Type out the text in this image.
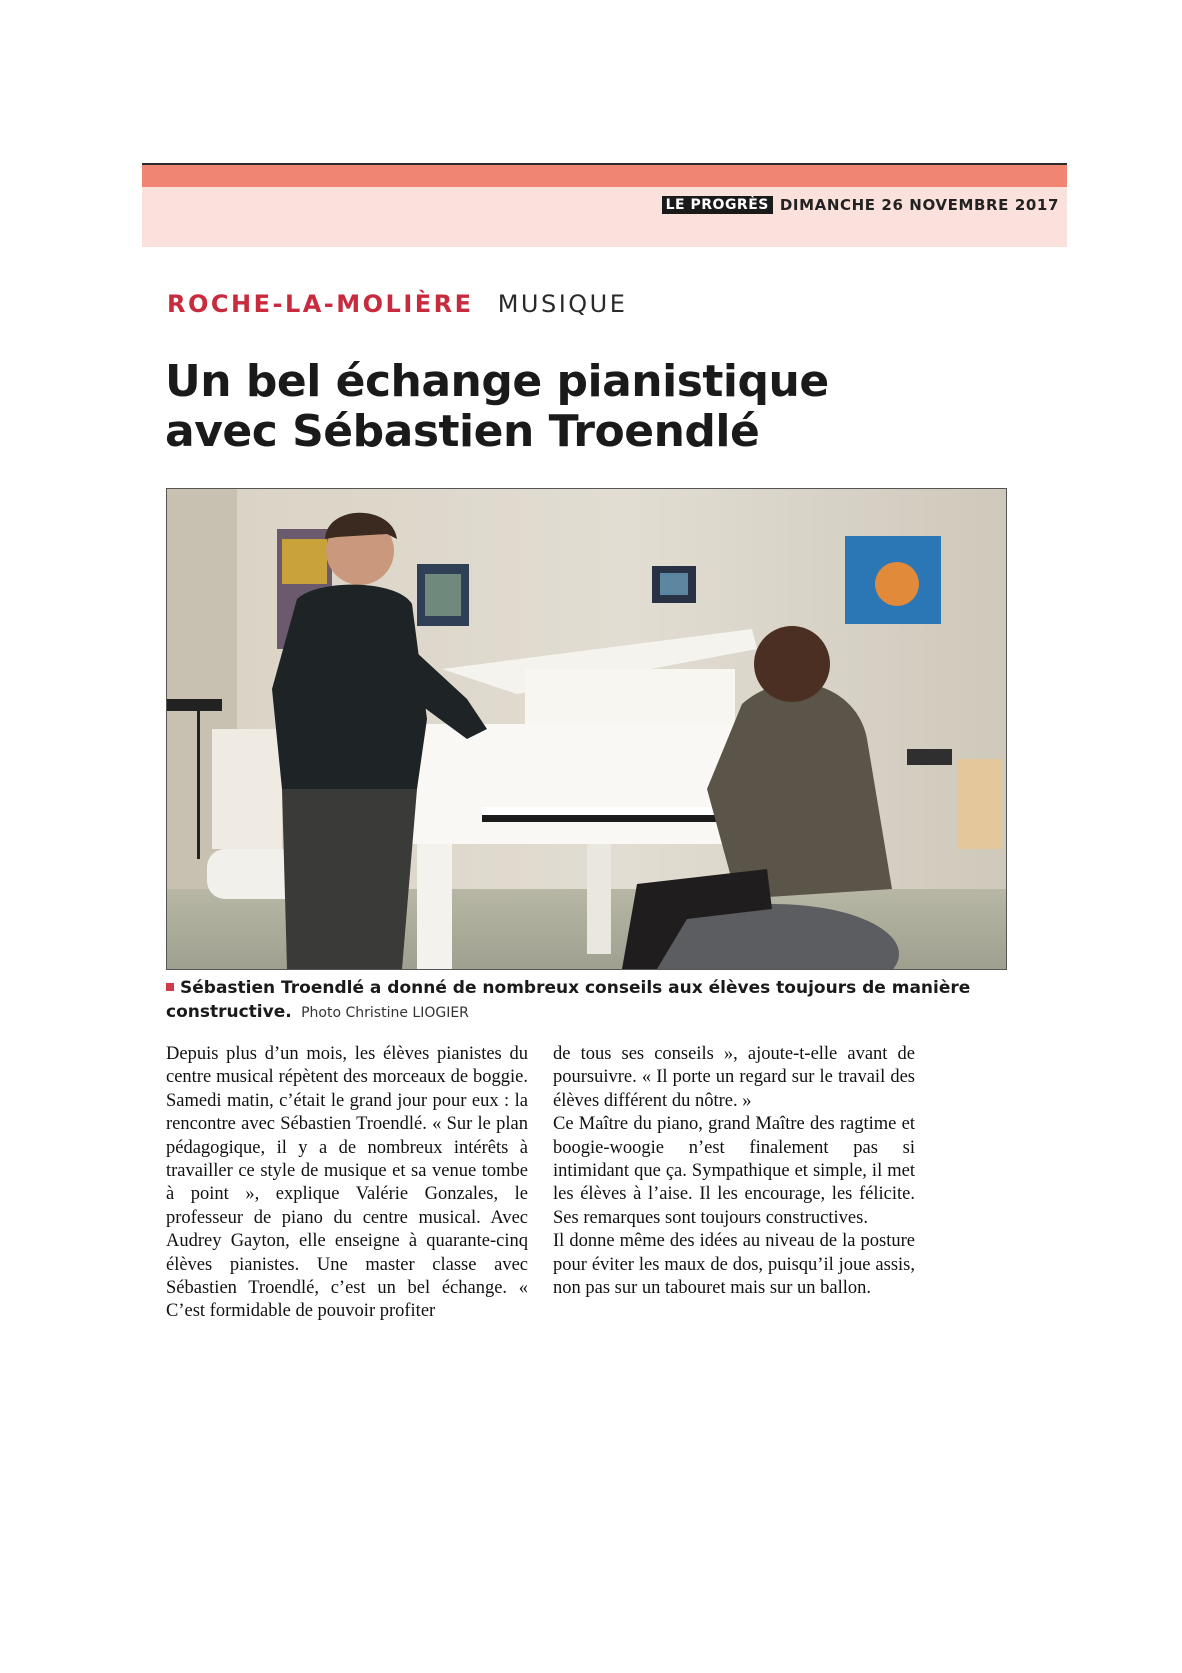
LE PROGRÈS DIMANCHE 26 NOVEMBRE 2017
ROCHE-LA-MOLIÈRE MUSIQUE
Un bel échange pianistique
avec Sébastien Troendlé
Sébastien Troendlé a donné de nombreux conseils aux élèves toujours de manière constructive. Photo Christine LIOGIER

Depuis plus d’un mois, les élèves pianistes du centre musical répètent des morceaux de boggie. Samedi matin, c’était le grand jour pour eux : la rencontre avec Sébastien Troendlé. « Sur le plan pédagogique, il y a de nombreux intérêts à travailler ce style de musique et sa venue tombe à point », explique Valérie Gonzales, le professeur de piano du centre musical. Avec Audrey Gayton, elle enseigne à quarante-cinq élèves pianistes. Une master classe avec Sébastien Troendlé, c’est un bel échange. « C’est formidable de pouvoir profiter

de tous ses conseils », ajoute-t-elle avant de poursuivre. « Il porte un regard sur le travail des élèves différent du nôtre. »

Ce Maître du piano, grand Maître des ragtime et boogie-woogie n’est finalement pas si intimidant que ça. Sympathique et simple, il met les élèves à l’aise. Il les encourage, les félicite. Ses remarques sont toujours constructives.

Il donne même des idées au niveau de la posture pour éviter les maux de dos, puisqu’il joue assis, non pas sur un tabouret mais sur un ballon.
